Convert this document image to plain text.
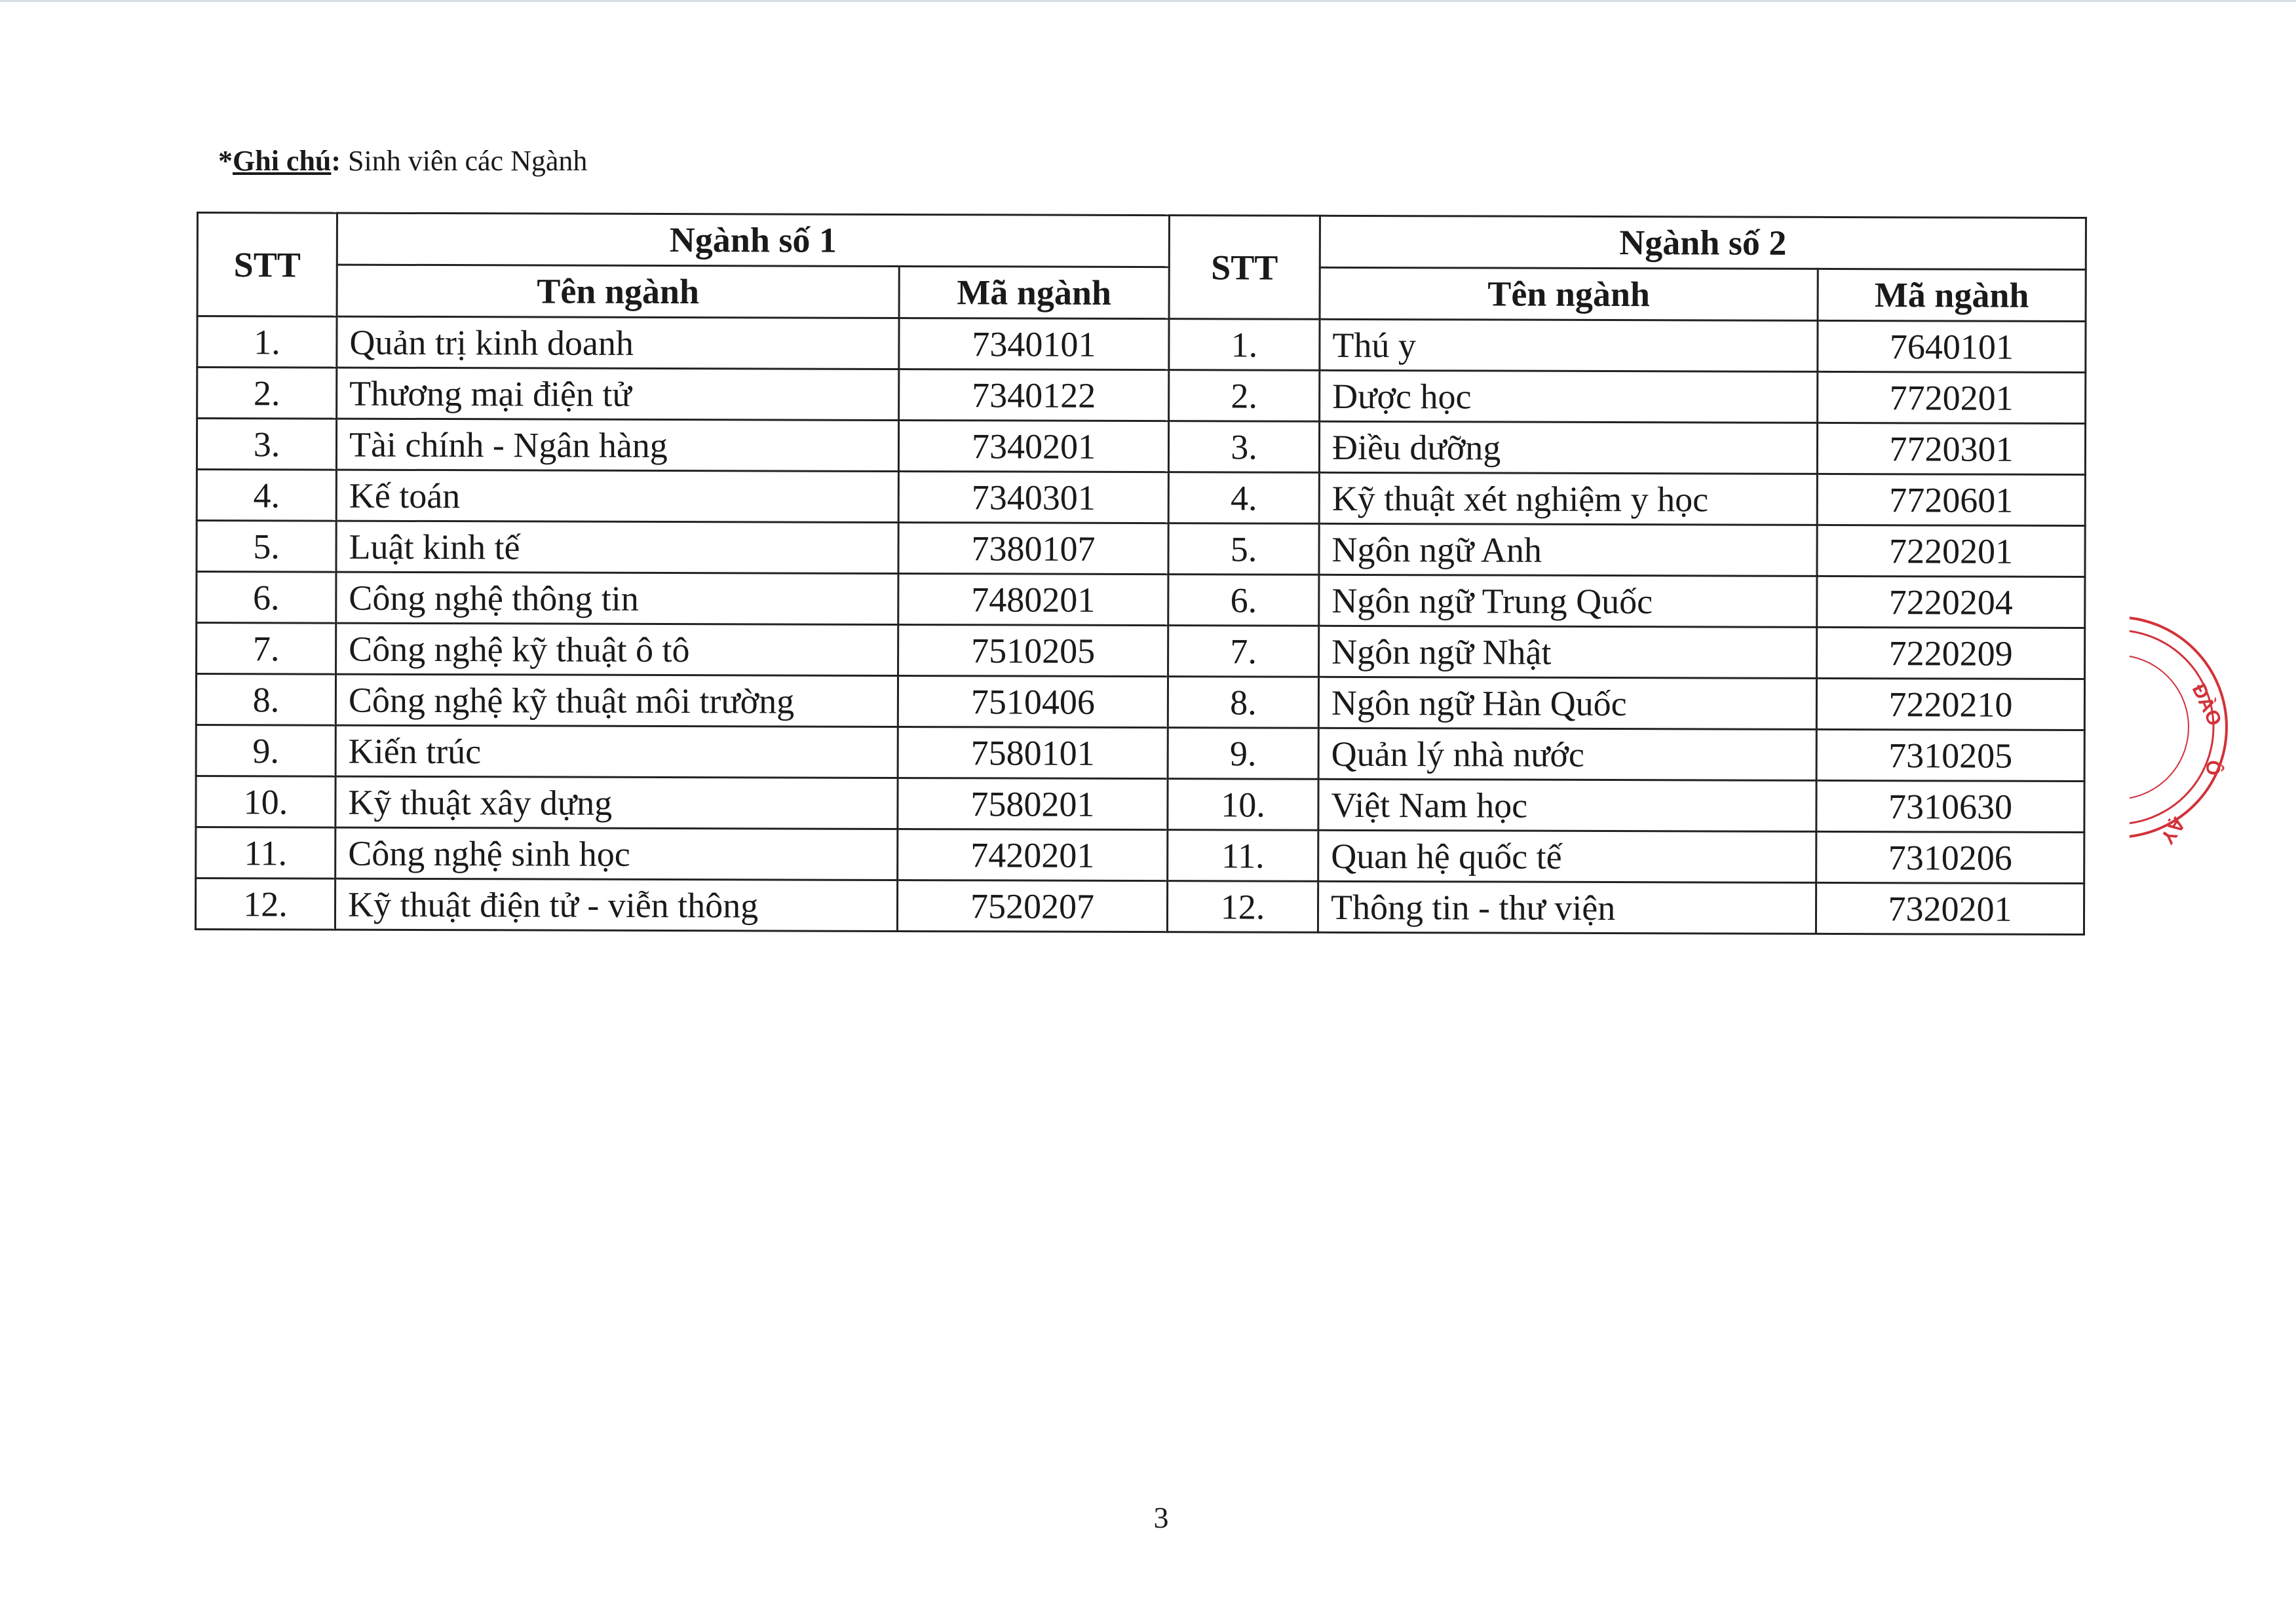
*Ghi chú: Sinh viên các Ngành
STT	Ngành số 1		STT	Ngành số 2	
	Tên ngành	Mã ngành		Tên ngành	Mã ngành
1.	Quản trị kinh doanh	7340101	1.	Thú y	7640101
2.	Thương mại điện tử	7340122	2.	Dược học	7720201
3.	Tài chính - Ngân hàng	7340201	3.	Điều dưỡng	7720301
4.	Kế toán	7340301	4.	Kỹ thuật xét nghiệm y học	7720601
5.	Luật kinh tế	7380107	5.	Ngôn ngữ Anh	7220201
6.	Công nghệ thông tin	7480201	6.	Ngôn ngữ Trung Quốc	7220204
7.	Công nghệ kỹ thuật ô tô	7510205	7.	Ngôn ngữ Nhật	7220209
8.	Công nghệ kỹ thuật môi trường	7510406	8.	Ngôn ngữ Hàn Quốc	7220210
9.	Kiến trúc	7580101	9.	Quản lý nhà nước	7310205
10.	Kỹ thuật xây dựng	7580201	10.	Việt Nam học	7310630
11.	Công nghệ sinh học	7420201	11.	Quan hệ quốc tế	7310206
12.	Kỹ thuật điện tử - viễn thông	7520207	12.	Thông tin - thư viện	7320201
3
ĐÀO
Ô
ẠY
